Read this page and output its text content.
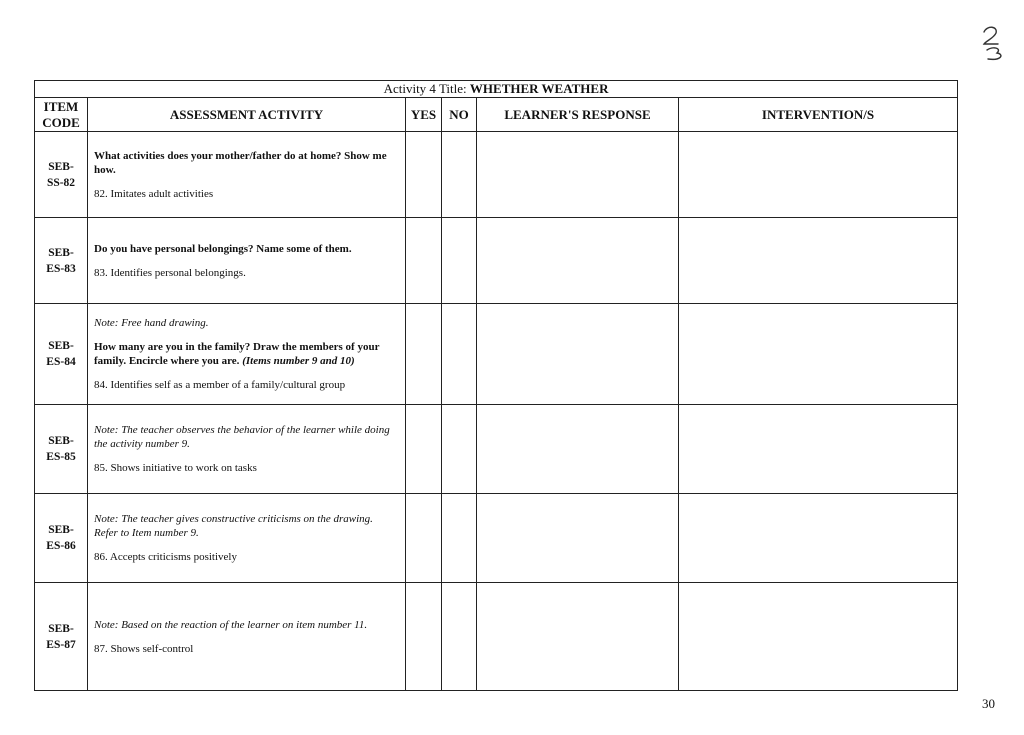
Activity 4 Title: WHETHER WEATHER					
ITEM CODE	ASSESSMENT ACTIVITY	YES	NO	LEARNER'S RESPONSE	INTERVENTION/S
SEB-SS-82	What activities does your mother/father do at home? Show me how.

82. Imitates adult activities				

SEB-ES-83	Do you have personal belongings? Name some of them.

83. Identifies personal belongings.				

SEB-ES-84	Note: Free hand drawing.

How many are you in the family? Draw the members of your family. Encircle where you are. (Items number 9 and 10)

84. Identifies self as a member of a family/cultural group				

SEB-ES-85	Note: The teacher observes the behavior of the learner while doing the activity number 9.

85. Shows initiative to work on tasks				

SEB-ES-86	Note: The teacher gives constructive criticisms on the drawing. Refer to Item number 9.

86. Accepts criticisms positively				

SEB-ES-87	Note: Based on the reaction of the learner on item number 11.

87. Shows self-control				

30
